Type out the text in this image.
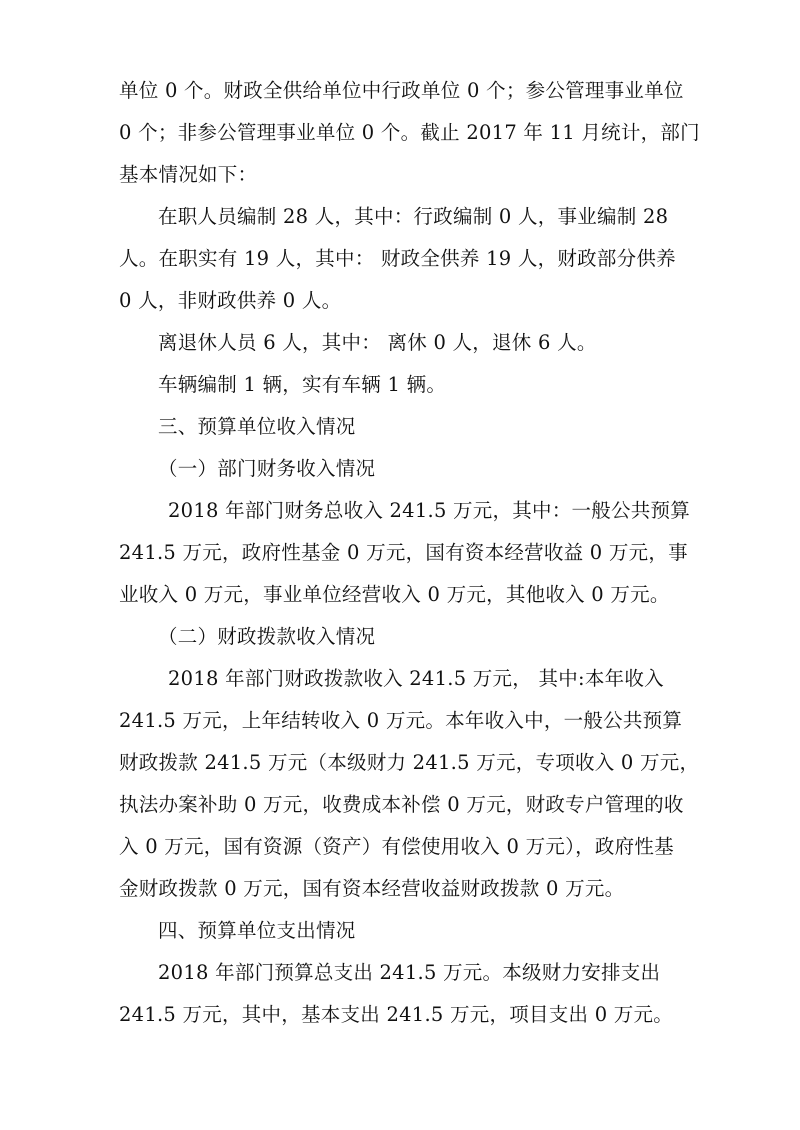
单位 0 个。财政全供给单位中行政单位 0 个；参公管理事业单位
0 个；非参公管理事业单位 0 个。截止 2017 年 11 月统计，部门
基本情况如下：
在职人员编制 28 人，其中：行政编制 0 人，事业编制 28
人。在职实有 19 人，其中： 财政全供养 19 人，财政部分供养
0 人，非财政供养 0 人。
离退休人员 6 人，其中： 离休 0 人，退休 6 人。
车辆编制 1 辆，实有车辆 1 辆。
三、预算单位收入情况
（一）部门财务收入情况
2018 年部门财务总收入 241.5 万元，其中：一般公共预算
241.5 万元，政府性基金 0 万元，国有资本经营收益 0 万元，事
业收入 0 万元，事业单位经营收入 0 万元，其他收入 0 万元。
（二）财政拨款收入情况
2018 年部门财政拨款收入 241.5 万元， 其中:本年收入
241.5 万元，上年结转收入 0 万元。本年收入中，一般公共预算
财政拨款 241.5 万元（本级财力 241.5 万元，专项收入 0 万元，
执法办案补助 0 万元，收费成本补偿 0 万元，财政专户管理的收
入 0 万元，国有资源（资产）有偿使用收入 0 万元），政府性基
金财政拨款 0 万元，国有资本经营收益财政拨款 0 万元。
四、预算单位支出情况
2018 年部门预算总支出 241.5 万元。本级财力安排支出
241.5 万元，其中，基本支出 241.5 万元，项目支出 0 万元。
